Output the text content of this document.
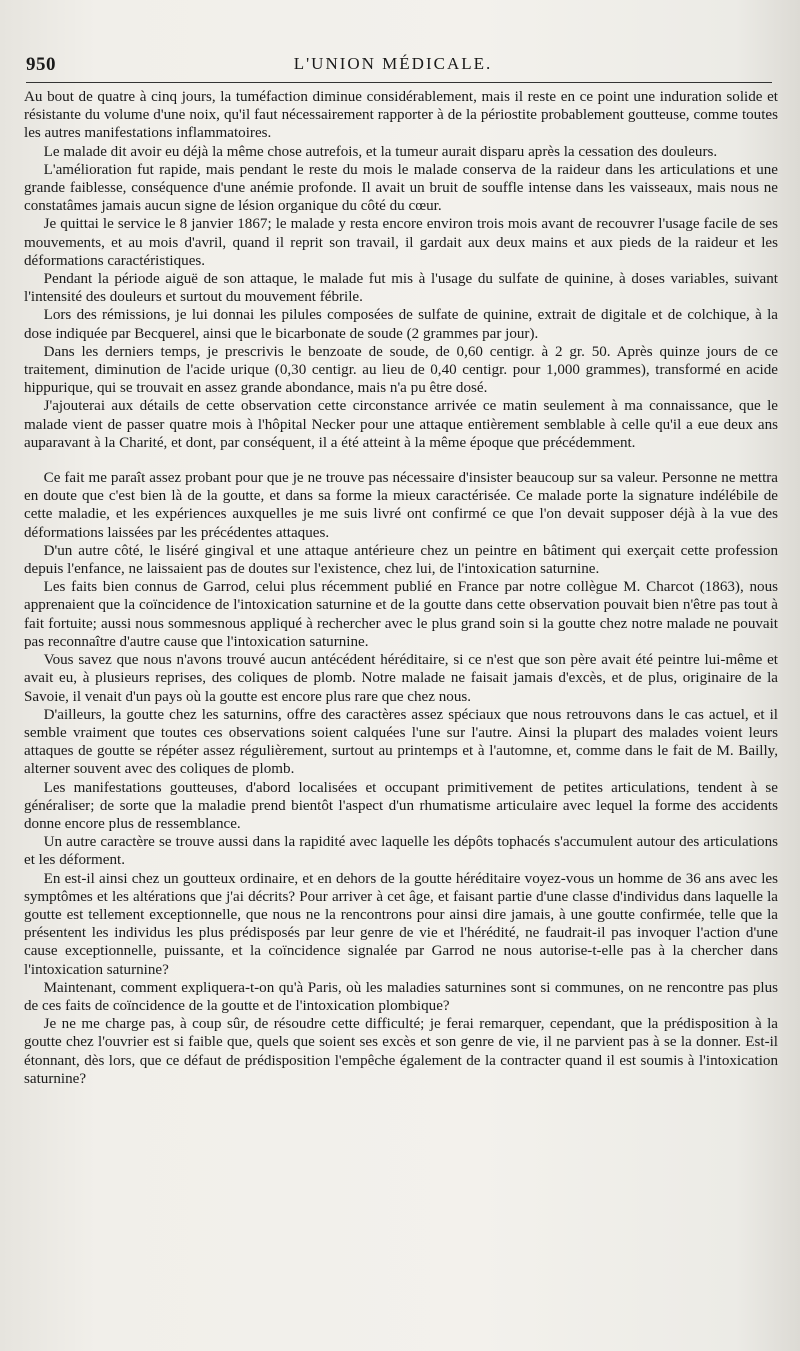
950	L'UNION MÉDICALE.

Au bout de quatre à cinq jours, la tuméfaction diminue considérablement, mais il reste en ce point une induration solide et résistante du volume d'une noix, qu'il faut nécessairement rapporter à de la périostite probablement goutteuse, comme toutes les autres manifestations inflammatoires.

Le malade dit avoir eu déjà la même chose autrefois, et la tumeur aurait disparu après la cessation des douleurs.

L'amélioration fut rapide, mais pendant le reste du mois le malade conserva de la raideur dans les articulations et une grande faiblesse, conséquence d'une anémie profonde. Il avait un bruit de souffle intense dans les vaisseaux, mais nous ne constatâmes jamais aucun signe de lésion organique du côté du cœur.

Je quittai le service le 8 janvier 1867; le malade y resta encore environ trois mois avant de recouvrer l'usage facile de ses mouvements, et au mois d'avril, quand il reprit son travail, il gardait aux deux mains et aux pieds de la raideur et les déformations caractéristiques.

Pendant la période aiguë de son attaque, le malade fut mis à l'usage du sulfate de quinine, à doses variables, suivant l'intensité des douleurs et surtout du mouvement fébrile.

Lors des rémissions, je lui donnai les pilules composées de sulfate de quinine, extrait de digitale et de colchique, à la dose indiquée par Becquerel, ainsi que le bicarbonate de soude (2 grammes par jour).

Dans les derniers temps, je prescrivis le benzoate de soude, de 0,60 centigr. à 2 gr. 50. Après quinze jours de ce traitement, diminution de l'acide urique (0,30 centigr. au lieu de 0,40 centigr. pour 1,000 grammes), transformé en acide hippurique, qui se trouvait en assez grande abondance, mais n'a pu être dosé.

J'ajouterai aux détails de cette observation cette circonstance arrivée ce matin seulement à ma connaissance, que le malade vient de passer quatre mois à l'hôpital Necker pour une attaque entièrement semblable à celle qu'il a eue deux ans auparavant à la Charité, et dont, par conséquent, il a été atteint à la même époque que précédemment.

Ce fait me paraît assez probant pour que je ne trouve pas nécessaire d'insister beaucoup sur sa valeur. Personne ne mettra en doute que c'est bien là de la goutte, et dans sa forme la mieux caractérisée. Ce malade porte la signature indélébile de cette maladie, et les expériences auxquelles je me suis livré ont confirmé ce que l'on devait supposer déjà à la vue des déformations laissées par les précédentes attaques.

D'un autre côté, le liséré gingival et une attaque antérieure chez un peintre en bâtiment qui exerçait cette profession depuis l'enfance, ne laissaient pas de doutes sur l'existence, chez lui, de l'intoxication saturnine.

Les faits bien connus de Garrod, celui plus récemment publié en France par notre collègue M. Charcot (1863), nous apprenaient que la coïncidence de l'intoxication saturnine et de la goutte dans cette observation pouvait bien n'être pas tout à fait fortuite; aussi nous sommesnous appliqué à rechercher avec le plus grand soin si la goutte chez notre malade ne pouvait pas reconnaître d'autre cause que l'intoxication saturnine.

Vous savez que nous n'avons trouvé aucun antécédent héréditaire, si ce n'est que son père avait été peintre lui-même et avait eu, à plusieurs reprises, des coliques de plomb. Notre malade ne faisait jamais d'excès, et de plus, originaire de la Savoie, il venait d'un pays où la goutte est encore plus rare que chez nous.

D'ailleurs, la goutte chez les saturnins, offre des caractères assez spéciaux que nous retrouvons dans le cas actuel, et il semble vraiment que toutes ces observations soient calquées l'une sur l'autre. Ainsi la plupart des malades voient leurs attaques de goutte se répéter assez régulièrement, surtout au printemps et à l'automne, et, comme dans le fait de M. Bailly, alterner souvent avec des coliques de plomb.

Les manifestations goutteuses, d'abord localisées et occupant primitivement de petites articulations, tendent à se généraliser; de sorte que la maladie prend bientôt l'aspect d'un rhumatisme articulaire avec lequel la forme des accidents donne encore plus de ressemblance.

Un autre caractère se trouve aussi dans la rapidité avec laquelle les dépôts tophacés s'accumulent autour des articulations et les déforment.

En est-il ainsi chez un goutteux ordinaire, et en dehors de la goutte héréditaire voyez-vous un homme de 36 ans avec les symptômes et les altérations que j'ai décrits? Pour arriver à cet âge, et faisant partie d'une classe d'individus dans laquelle la goutte est tellement exceptionnelle, que nous ne la rencontrons pour ainsi dire jamais, à une goutte confirmée, telle que la présentent les individus les plus prédisposés par leur genre de vie et l'hérédité, ne faudrait-il pas invoquer l'action d'une cause exceptionnelle, puissante, et la coïncidence signalée par Garrod ne nous autorise-t-elle pas à la chercher dans l'intoxication saturnine?

Maintenant, comment expliquera-t-on qu'à Paris, où les maladies saturnines sont si communes, on ne rencontre pas plus de ces faits de coïncidence de la goutte et de l'intoxication plombique?

Je ne me charge pas, à coup sûr, de résoudre cette difficulté; je ferai remarquer, cependant, que la prédisposition à la goutte chez l'ouvrier est si faible que, quels que soient ses excès et son genre de vie, il ne parvient pas à se la donner. Est-il étonnant, dès lors, que ce défaut de prédisposition l'empêche également de la contracter quand il est soumis à l'intoxication saturnine?
